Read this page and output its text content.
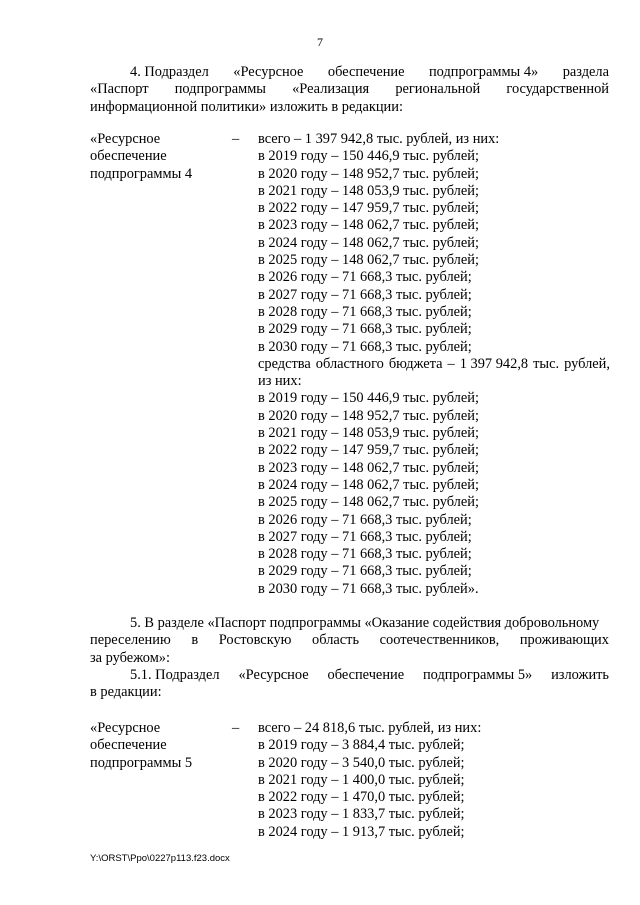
7
4. Подраздел «Ресурсное обеспечение подпрограммы 4» раздела
«Паспорт подпрограммы «Реализация региональной государственной
информационной политики» изложить в редакции:
«Ресурсное
обеспечение
подпрограммы 4
– всего – 1 397 942,8 тыс. рублей, из них:
в 2019 году – 150 446,9 тыс. рублей;
в 2020 году – 148 952,7 тыс. рублей;
в 2021 году – 148 053,9 тыс. рублей;
в 2022 году – 147 959,7 тыс. рублей;
в 2023 году – 148 062,7 тыс. рублей;
в 2024 году – 148 062,7 тыс. рублей;
в 2025 году – 148 062,7 тыс. рублей;
в 2026 году – 71 668,3 тыс. рублей;
в 2027 году – 71 668,3 тыс. рублей;
в 2028 году – 71 668,3 тыс. рублей;
в 2029 году – 71 668,3 тыс. рублей;
в 2030 году – 71 668,3 тыс. рублей;
средства областного бюджета – 1 397 942,8 тыс. рублей,
из них:
в 2019 году – 150 446,9 тыс. рублей;
в 2020 году – 148 952,7 тыс. рублей;
в 2021 году – 148 053,9 тыс. рублей;
в 2022 году – 147 959,7 тыс. рублей;
в 2023 году – 148 062,7 тыс. рублей;
в 2024 году – 148 062,7 тыс. рублей;
в 2025 году – 148 062,7 тыс. рублей;
в 2026 году – 71 668,3 тыс. рублей;
в 2027 году – 71 668,3 тыс. рублей;
в 2028 году – 71 668,3 тыс. рублей;
в 2029 году – 71 668,3 тыс. рублей;
в 2030 году – 71 668,3 тыс. рублей».
5. В разделе «Паспорт подпрограммы «Оказание содействия добровольному
переселению в Ростовскую область соотечественников, проживающих
за рубежом»:
5.1. Подраздел «Ресурсное обеспечение подпрограммы 5» изложить
в редакции:
«Ресурсное
обеспечение
подпрограммы 5
– всего – 24 818,6 тыс. рублей, из них:
в 2019 году – 3 884,4 тыс. рублей;
в 2020 году – 3 540,0 тыс. рублей;
в 2021 году – 1 400,0 тыс. рублей;
в 2022 году – 1 470,0 тыс. рублей;
в 2023 году – 1 833,7 тыс. рублей;
в 2024 году – 1 913,7 тыс. рублей;
Y:\ORST\Ppo\0227p113.f23.docx
